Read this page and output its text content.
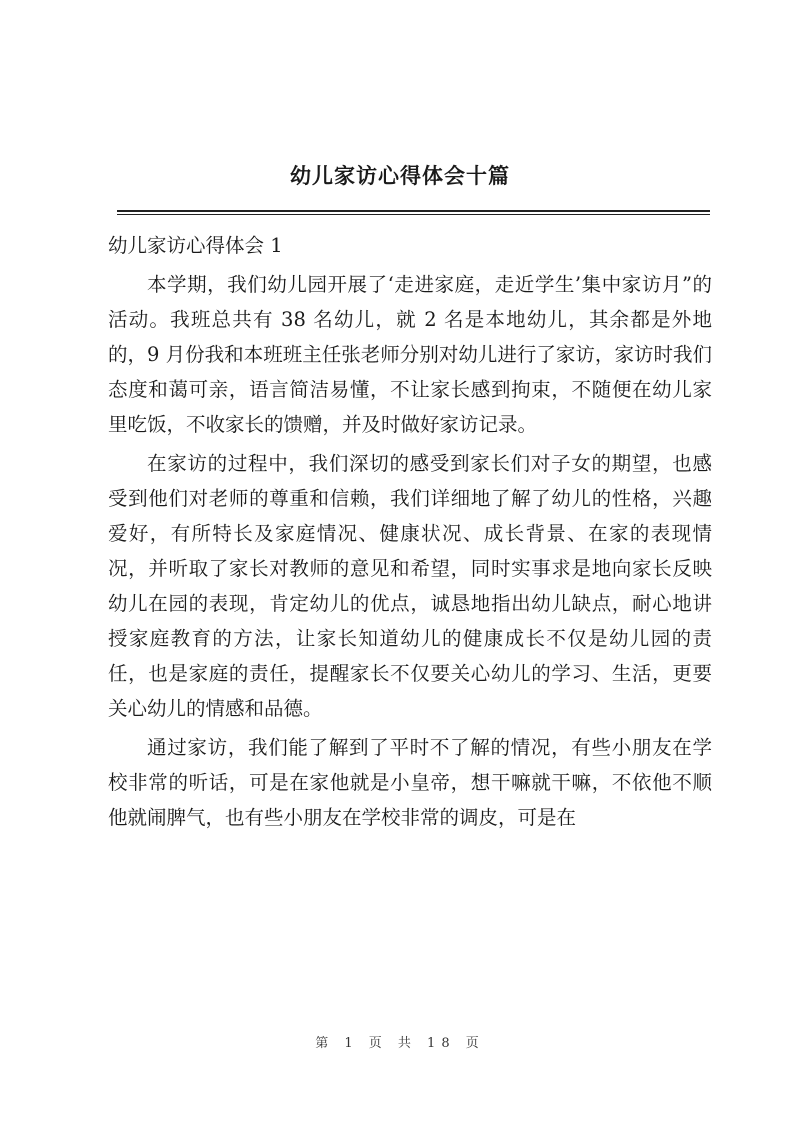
幼儿家访心得体会十篇

幼儿家访心得体会 1

本学期，我们幼儿园开展了‘走进家庭，走近学生’集中家访月”的活动。我班总共有 38 名幼儿，就 2 名是本地幼儿，其余都是外地的，9 月份我和本班班主任张老师分别对幼儿进行了家访，家访时我们态度和蔼可亲，语言简洁易懂，不让家长感到拘束，不随便在幼儿家里吃饭，不收家长的馈赠，并及时做好家访记录。

在家访的过程中，我们深切的感受到家长们对子女的期望，也感受到他们对老师的尊重和信赖，我们详细地了解了幼儿的性格，兴趣爱好，有所特长及家庭情况、健康状况、成长背景、在家的表现情况，并听取了家长对教师的意见和希望，同时实事求是地向家长反映幼儿在园的表现，肯定幼儿的优点，诚恳地指出幼儿缺点，耐心地讲授家庭教育的方法，让家长知道幼儿的健康成长不仅是幼儿园的责任，也是家庭的责任，提醒家长不仅要关心幼儿的学习、生活，更要关心幼儿的情感和品德。

通过家访，我们能了解到了平时不了解的情况，有些小朋友在学校非常的听话，可是在家他就是小皇帝，想干嘛就干嘛，不依他不顺他就闹脾气，也有些小朋友在学校非常的调皮，可是在

第 1 页 共 18 页
